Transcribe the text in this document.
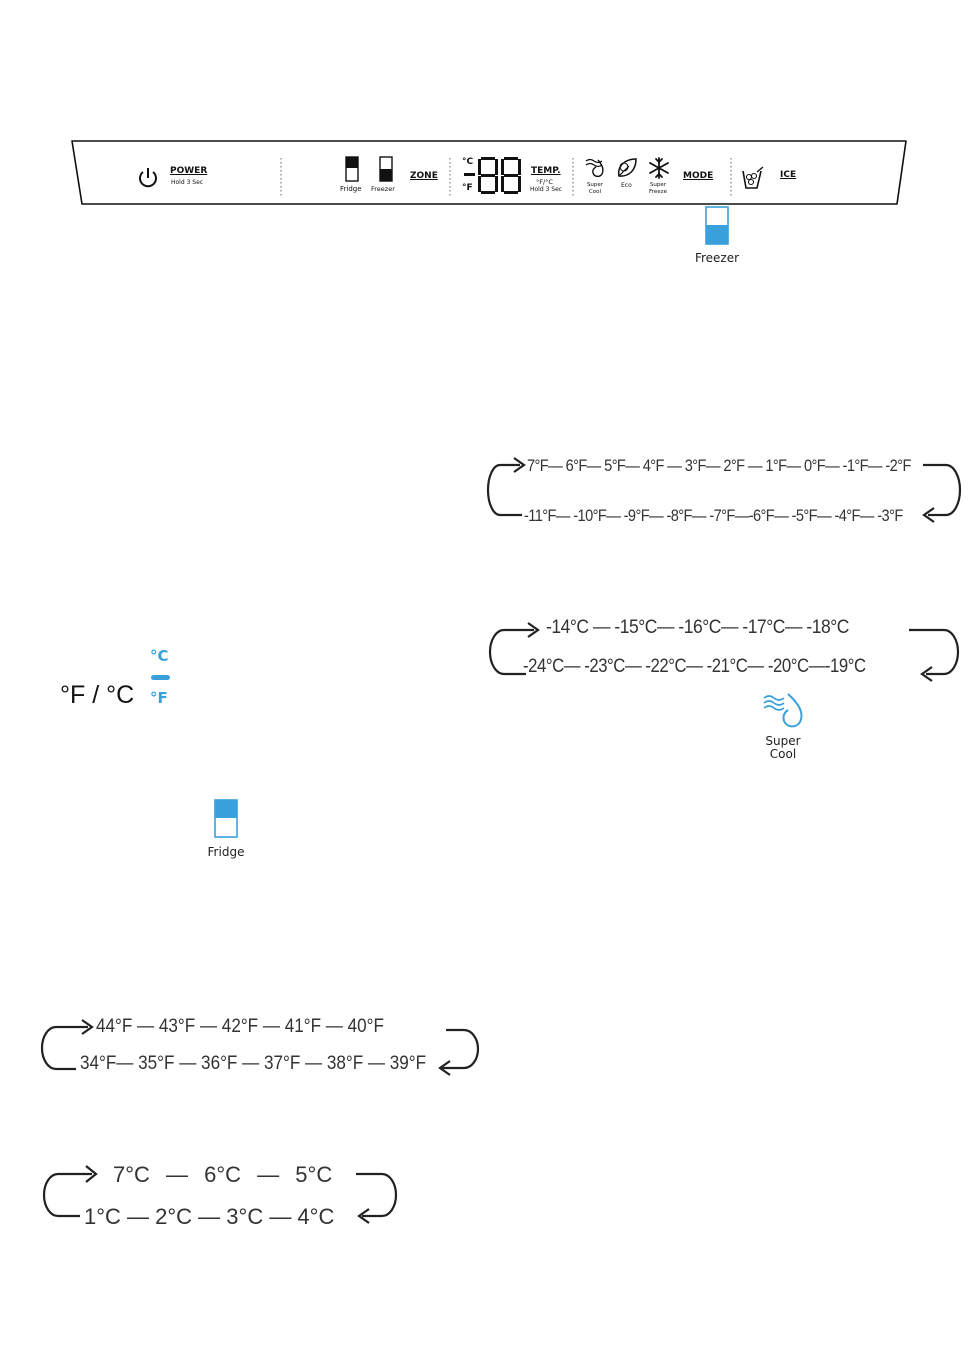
POWER
Hold 3 Sec
Fridge Freezer
ZONE
°C
°F
TEMP.
°F/°C
Hold 3 Sec
Super Cool
Eco	Super Freeze
MODE	ICE
Freezer
7°F— 6°F— 5°F— 4°F — 3°F— 2°F — 1°F— 0°F— -1°F— -2°F
-11°F— -10°F— -9°F— -8°F— -7°F—-6°F— -5°F— -4°F— -3°F
-14°C — -15°C— -16°C— -17°C— -18°C
-24°C— -23°C— -22°C— -21°C— -20°C—-19°C
Super
Cool
°F / °C
°C
°F
Fridge
44°F — 43°F — 42°F — 41°F — 40°F
34°F— 35°F — 36°F — 37°F — 38°F — 39°F
7°C — 6°C — 5°C
1°C — 2°C — 3°C — 4°C
